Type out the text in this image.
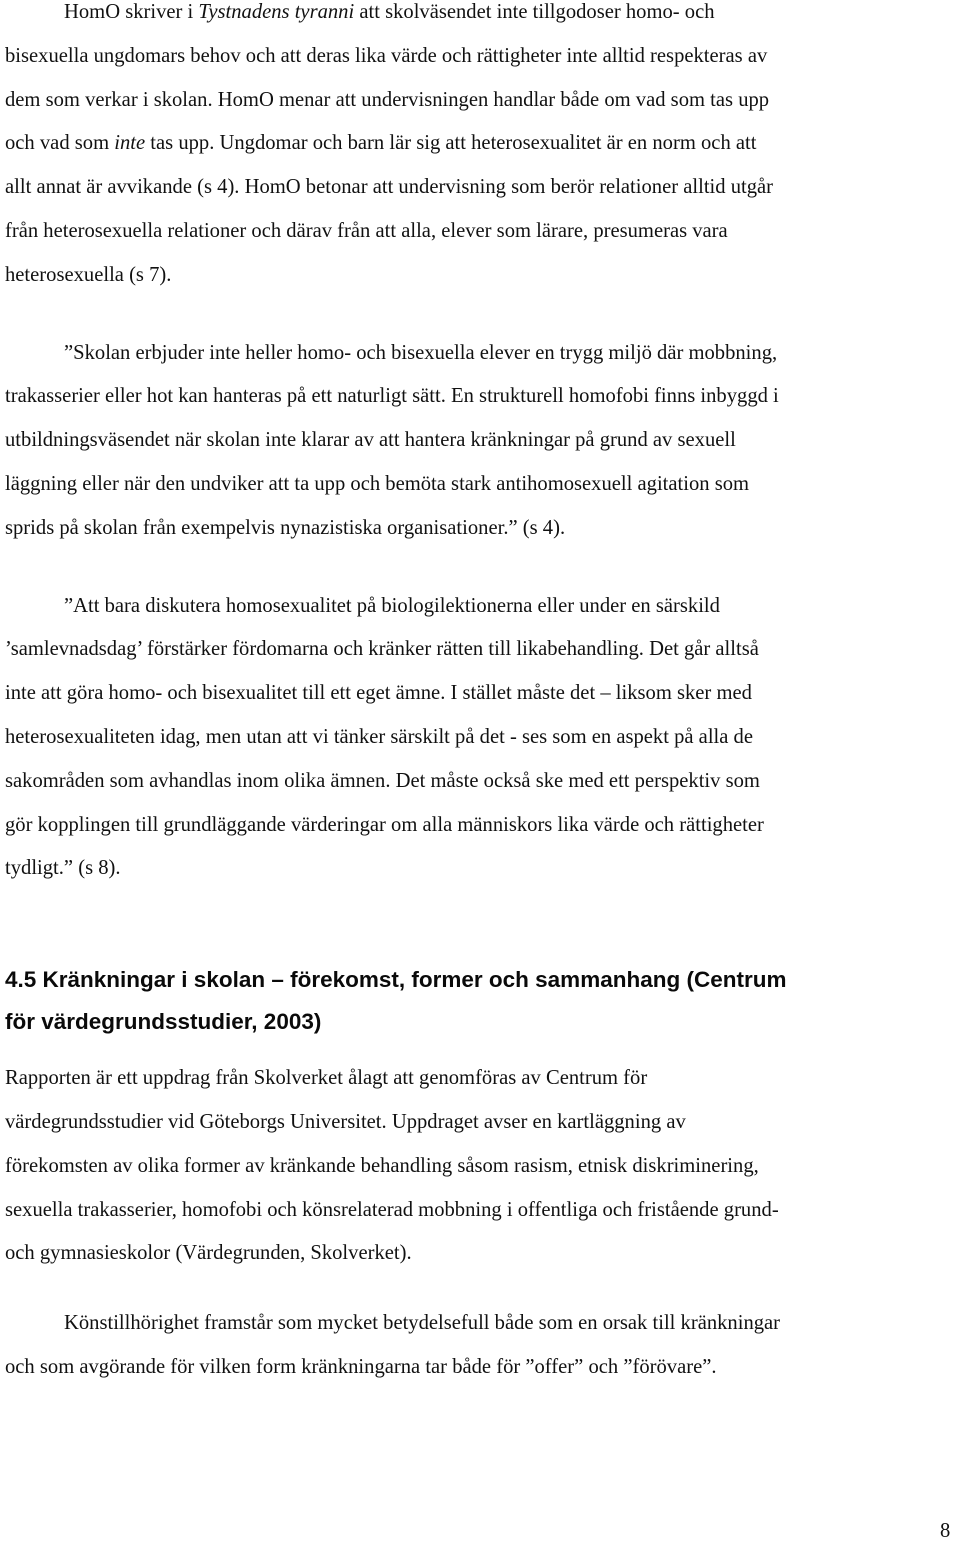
HomO skriver i Tystnadens tyranni att skolväsendet inte tillgodoser homo- och
bisexuella ungdomars behov och att deras lika värde och rättigheter inte alltid respekteras av
dem som verkar i skolan. HomO menar att undervisningen handlar både om vad som tas upp
och vad som inte tas upp. Ungdomar och barn lär sig att heterosexualitet är en norm och att
allt annat är avvikande (s 4). HomO betonar att undervisning som berör relationer alltid utgår
från heterosexuella relationer och därav från att alla, elever som lärare, presumeras vara
heterosexuella (s 7).
”Skolan erbjuder inte heller homo- och bisexuella elever en trygg miljö där mobbning,
trakasserier eller hot kan hanteras på ett naturligt sätt. En strukturell homofobi finns inbyggd i
utbildningsväsendet när skolan inte klarar av att hantera kränkningar på grund av sexuell
läggning eller när den undviker att ta upp och bemöta stark antihomosexuell agitation som
sprids på skolan från exempelvis nynazistiska organisationer.” (s 4).
”Att bara diskutera homosexualitet på biologilektionerna eller under en särskild
’samlevnadsdag’ förstärker fördomarna och kränker rätten till likabehandling. Det går alltså
inte att göra homo- och bisexualitet till ett eget ämne. I stället måste det – liksom sker med
heterosexualiteten idag, men utan att vi tänker särskilt på det - ses som en aspekt på alla de
sakområden som avhandlas inom olika ämnen. Det måste också ske med ett perspektiv som
gör kopplingen till grundläggande värderingar om alla människors lika värde och rättigheter
tydligt.” (s 8).
4.5 Kränkningar i skolan – förekomst, former och sammanhang (Centrum
för värdegrundsstudier, 2003)
Rapporten är ett uppdrag från Skolverket ålagt att genomföras av Centrum för
värdegrundsstudier vid Göteborgs Universitet. Uppdraget avser en kartläggning av
förekomsten av olika former av kränkande behandling såsom rasism, etnisk diskriminering,
sexuella trakasserier, homofobi och könsrelaterad mobbning i offentliga och fristående grund-
och gymnasieskolor (Värdegrunden, Skolverket).
Könstillhörighet framstår som mycket betydelsefull både som en orsak till kränkningar
och som avgörande för vilken form kränkningarna tar både för ”offer” och ”förövare”.
8
